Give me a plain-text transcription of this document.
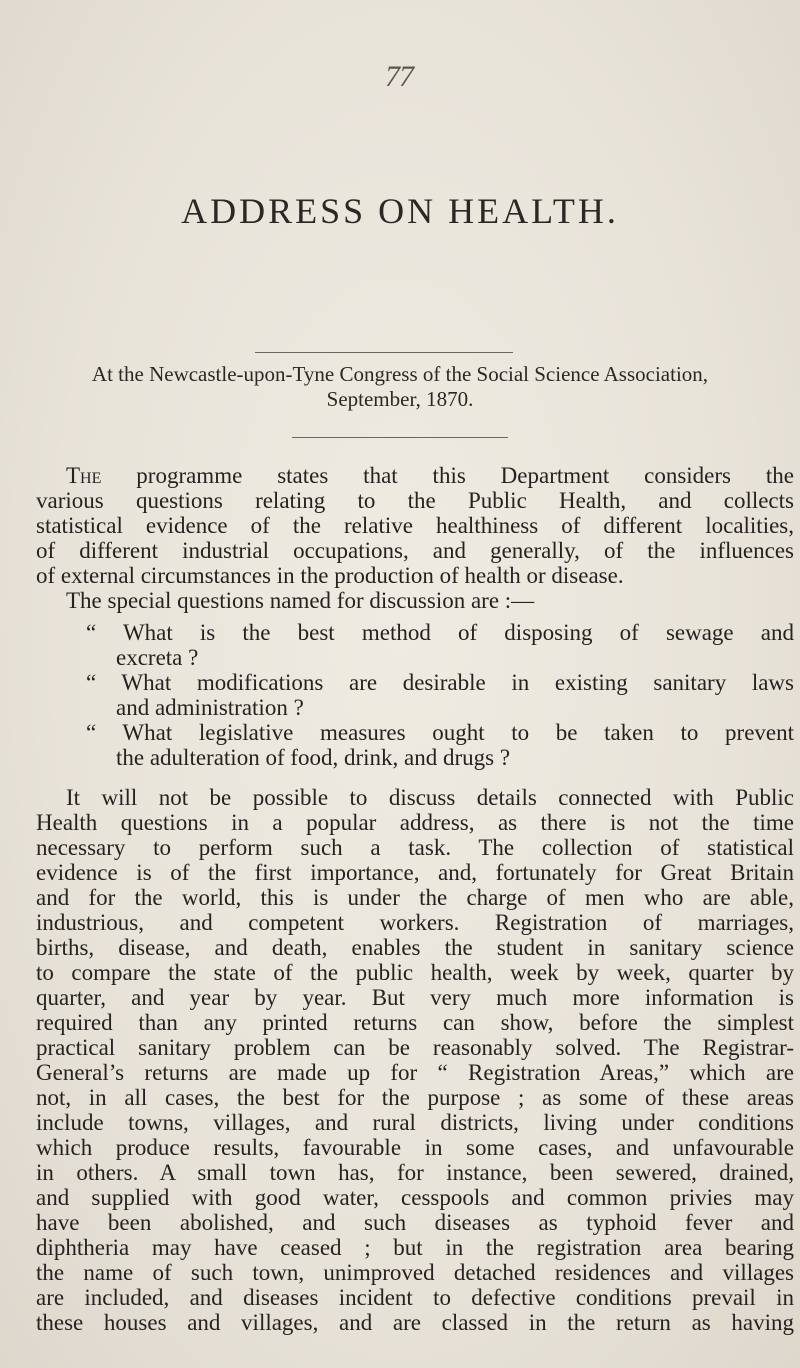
77
ADDRESS ON HEALTH.
At the Newcastle-upon-Tyne Congress of the Social Science Association,
September, 1870.
The programme states that this Department considers the
various questions relating to the Public Health, and collects
statistical evidence of the relative healthiness of different localities,
of different industrial occupations, and generally, of the influences
of external circumstances in the production of health or disease.
The special questions named for discussion are :—
“ What is the best method of disposing of sewage and
excreta ?
“ What modifications are desirable in existing sanitary laws
and administration ?
“ What legislative measures ought to be taken to prevent
the adulteration of food, drink, and drugs ?
It will not be possible to discuss details connected with Public
Health questions in a popular address, as there is not the time
necessary to perform such a task. The collection of statistical
evidence is of the first importance, and, fortunately for Great Britain
and for the world, this is under the charge of men who are able,
industrious, and competent workers. Registration of marriages,
births, disease, and death, enables the student in sanitary science
to compare the state of the public health, week by week, quarter by
quarter, and year by year. But very much more information is
required than any printed returns can show, before the simplest
practical sanitary problem can be reasonably solved. The Registrar-
General’s returns are made up for “ Registration Areas,” which are
not, in all cases, the best for the purpose ; as some of these areas
include towns, villages, and rural districts, living under conditions
which produce results, favourable in some cases, and unfavourable
in others. A small town has, for instance, been sewered, drained,
and supplied with good water, cesspools and common privies may
have been abolished, and such diseases as typhoid fever and
diphtheria may have ceased ; but in the registration area bearing
the name of such town, unimproved detached residences and villages
are included, and diseases incident to defective conditions prevail in
these houses and villages, and are classed in the return as having
